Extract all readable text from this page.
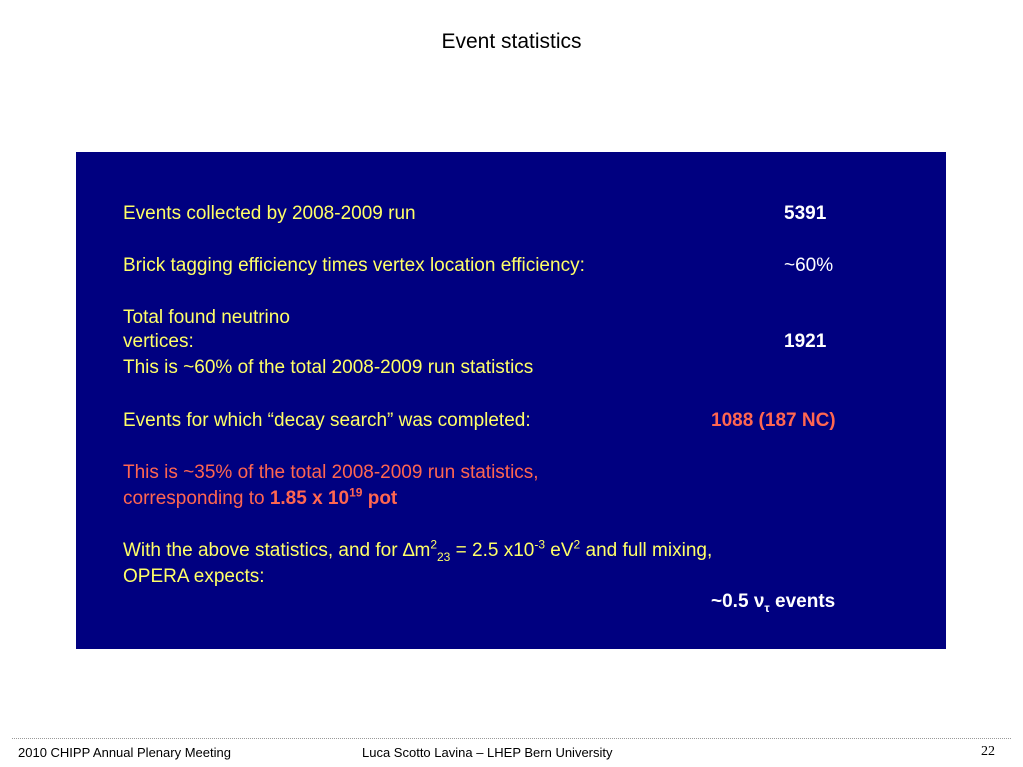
Event statistics
Events collected by 2008-2009 run	5391
Brick tagging efficiency times vertex location efficiency:	~60%
Total found neutrino
vertices:	1921
This is ~60% of the total 2008-2009 run statistics
Events for which “decay search” was completed:	1088 (187 NC)
This is ~35% of the total 2008-2009 run statistics,
corresponding to 1.85 x $10^{19}$ pot
With the above statistics, and for $\Delta m^2_{23} = 2.5$ $x10^{-3}$ $eV^2$ and full mixing,
OPERA expects:
~0.5 $\nu_\tau$ events
2010 CHIPP Annual Plenary Meeting	Luca Scotto Lavina – LHEP Bern University	22
